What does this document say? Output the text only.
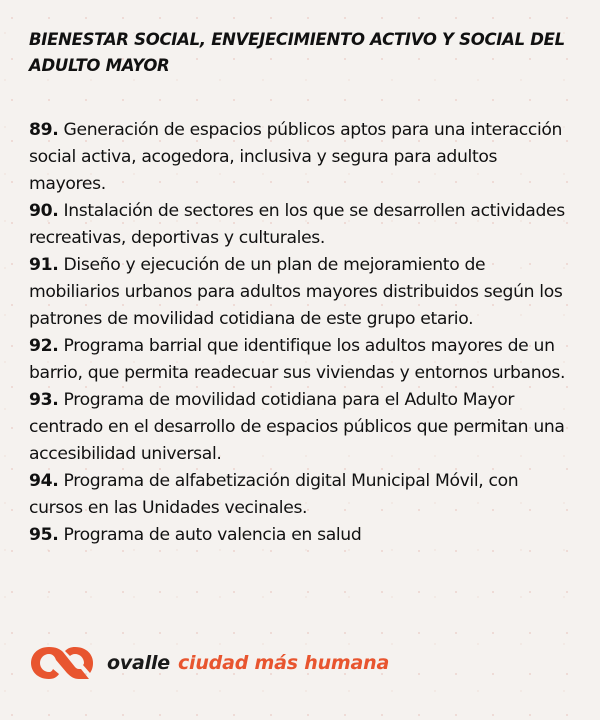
BIENESTAR SOCIAL, ENVEJECIMIENTO ACTIVO Y SOCIAL DEL ADULTO MAYOR
89. Generación de espacios públicos aptos para una interacción social activa, acogedora, inclusiva y segura para adultos mayores.
90. Instalación de sectores en los que se desarrollen actividades recreativas, deportivas y culturales.
91. Diseño y ejecución de un plan de mejoramiento de mobiliarios urbanos para adultos mayores distribuidos según los patrones de movilidad cotidiana de este grupo etario.
92. Programa barrial que identifique los adultos mayores de un barrio, que permita readecuar sus viviendas y entornos urbanos.
93. Programa de movilidad cotidiana para el Adulto Mayor centrado en el desarrollo de espacios públicos que permitan una accesibilidad universal.
94. Programa de alfabetización digital Municipal Móvil, con cursos en las Unidades vecinales.
95. Programa de auto valencia en salud
ovalle ciudad más humana
